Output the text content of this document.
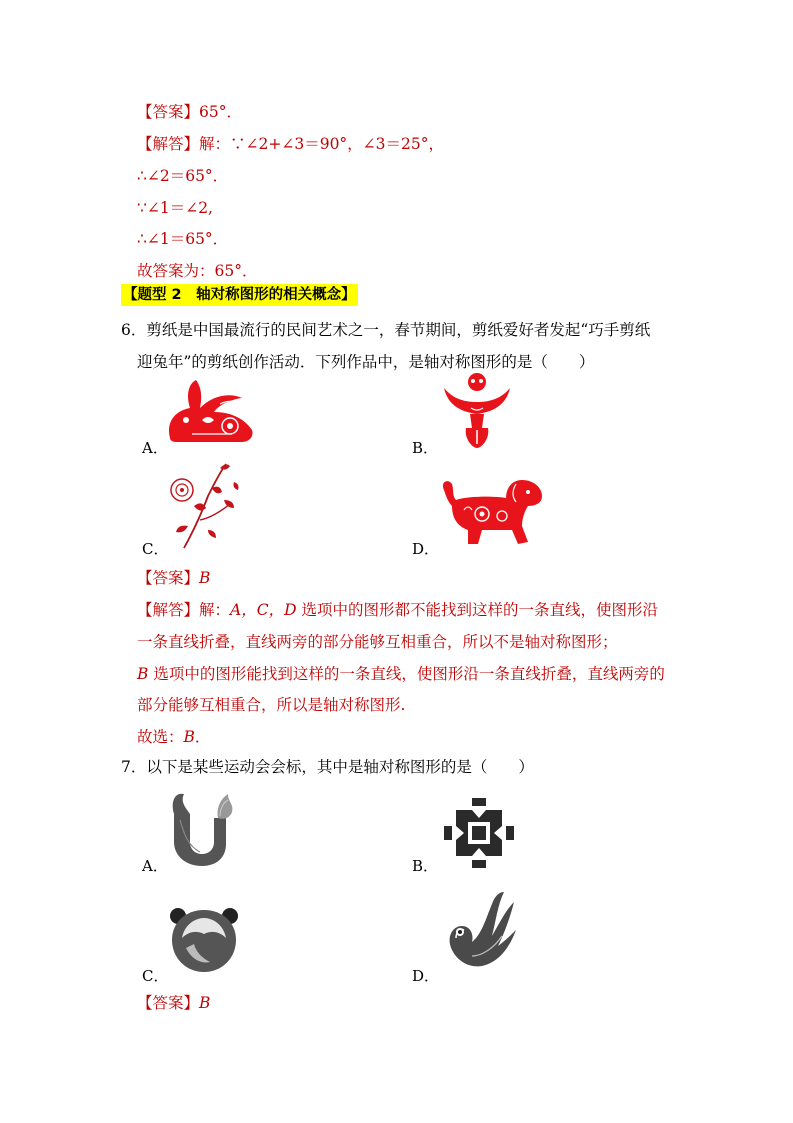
【答案】65°．
【解答】解：∵∠2+∠3＝90°，∠3＝25°，
∴∠2＝65°．
∵∠1＝∠2,
∴∠1＝65°．
故答案为：65°．
【题型 2　轴对称图形的相关概念】
6．剪纸是中国最流行的民间艺术之一，春节期间，剪纸爱好者发起“巧手剪纸
迎兔年”的剪纸创作活动．下列作品中，是轴对称图形的是（　　）
A．	B．
C．	D．
【答案】B
【解答】解：A，C，D 选项中的图形都不能找到这样的一条直线，使图形沿
一条直线折叠，直线两旁的部分能够互相重合，所以不是轴对称图形；
B 选项中的图形能找到这样的一条直线，使图形沿一条直线折叠，直线两旁的
部分能够互相重合，所以是轴对称图形.
故选：B．
7．以下是某些运动会会标，其中是轴对称图形的是（　　）
A．	B．
C．	D．
【答案】B
